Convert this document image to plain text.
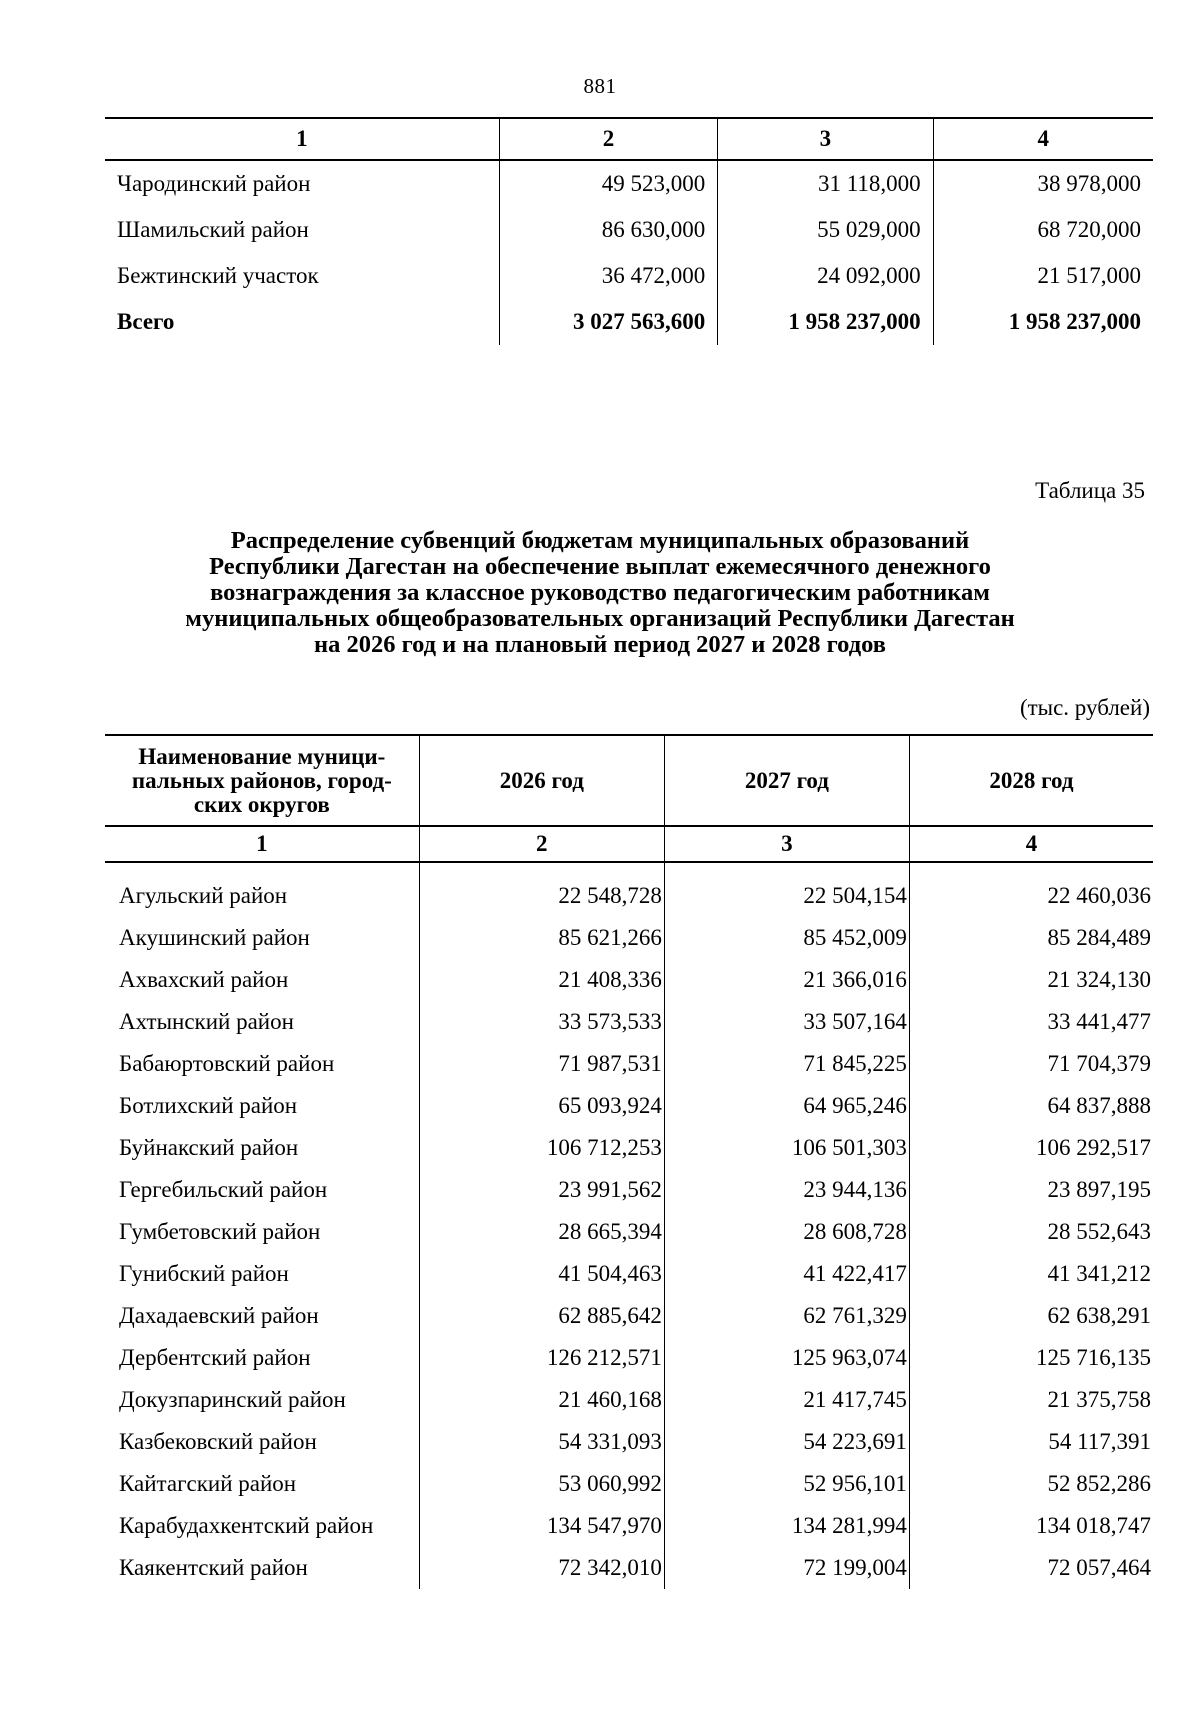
881
1	2	3	4
Чародинский район	49 523,000	31 118,000	38 978,000
Шамильский район	86 630,000	55 029,000	68 720,000
Бежтинский участок	36 472,000	24 092,000	21 517,000
Всего	3 027 563,600	1 958 237,000	1 958 237,000
Таблица 35
Распределение субвенций бюджетам муниципальных образований
Республики Дагестан на обеспечение выплат ежемесячного денежного
вознаграждения за классное руководство педагогическим работникам
муниципальных общеобразовательных организаций Республики Дагестан
на 2026 год и на плановый период 2027 и 2028 годов
(тыс. рублей)
Наименование муници-
пальных районов, город-
ских округов	2026 год	2027 год	2028 год
1	2	3	4
Агульский район	22 548,728	22 504,154	22 460,036
Акушинский район	85 621,266	85 452,009	85 284,489
Ахвахский район	21 408,336	21 366,016	21 324,130
Ахтынский район	33 573,533	33 507,164	33 441,477
Бабаюртовский район	71 987,531	71 845,225	71 704,379
Ботлихский район	65 093,924	64 965,246	64 837,888
Буйнакский район	106 712,253	106 501,303	106 292,517
Гергебильский район	23 991,562	23 944,136	23 897,195
Гумбетовский район	28 665,394	28 608,728	28 552,643
Гунибский район	41 504,463	41 422,417	41 341,212
Дахадаевский район	62 885,642	62 761,329	62 638,291
Дербентский район	126 212,571	125 963,074	125 716,135
Докузпаринский район	21 460,168	21 417,745	21 375,758
Казбековский район	54 331,093	54 223,691	54 117,391
Кайтагский район	53 060,992	52 956,101	52 852,286
Карабудахкентский район	134 547,970	134 281,994	134 018,747
Каякентский район	72 342,010	72 199,004	72 057,464
